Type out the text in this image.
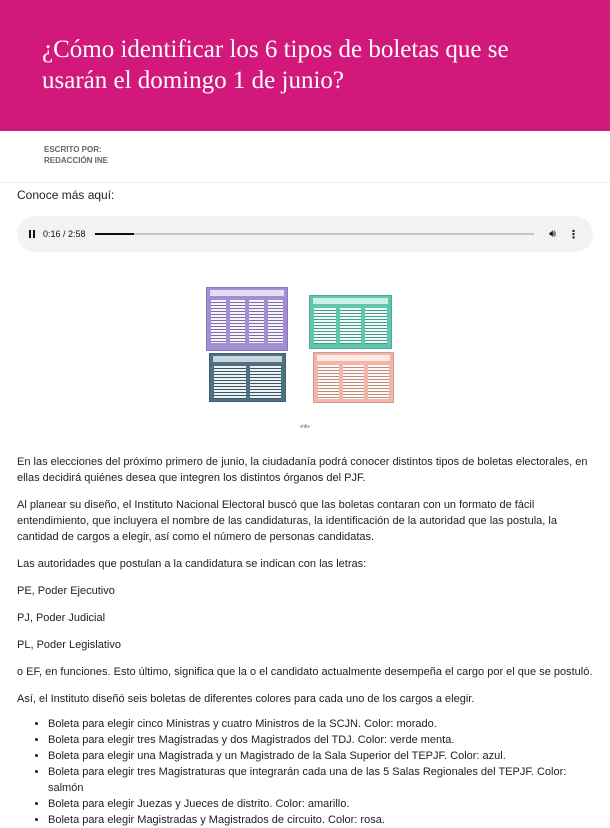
¿Cómo identificar los 6 tipos de boletas que se usarán el domingo 1 de junio?
ESCRITO POR:
REDACCIÓN INE
Conoce más aquí:
0:16 / 2:58	🔊︎ ⋮
-info-

En las elecciones del próximo primero de junio, la ciudadanía podrá conocer distintos tipos de boletas electorales, en ellas decidirá quiénes desea que integren los distintos órganos del PJF.

Al planear su diseño, el Instituto Nacional Electoral buscó que las boletas contaran con un formato de fácil entendimiento, que incluyera el nombre de las candidaturas, la identificación de la autoridad que las postula, la cantidad de cargos a elegir, así como el número de personas candidatas.

Las autoridades que postulan a la candidatura se indican con las letras:

PE, Poder Ejecutivo

PJ, Poder Judicial

PL, Poder Legislativo

o EF, en funciones. Esto último, significa que la o el candidato actualmente desempeña el cargo por el que se postuló.

Así, el Instituto diseñó seis boletas de diferentes colores para cada uno de los cargos a elegir.

• Boleta para elegir cinco Ministras y cuatro Ministros de la SCJN. Color: morado.
• Boleta para elegir tres Magistradas y dos Magistrados del TDJ. Color: verde menta.
• Boleta para elegir una Magistrada y un Magistrado de la Sala Superior del TEPJF. Color: azul.
• Boleta para elegir tres Magistraturas que integrarán cada una de las 5 Salas Regionales del TEPJF. Color: salmón
• Boleta para elegir Juezas y Jueces de distrito. Color: amarillo.
• Boleta para elegir Magistradas y Magistrados de circuito. Color: rosa.
